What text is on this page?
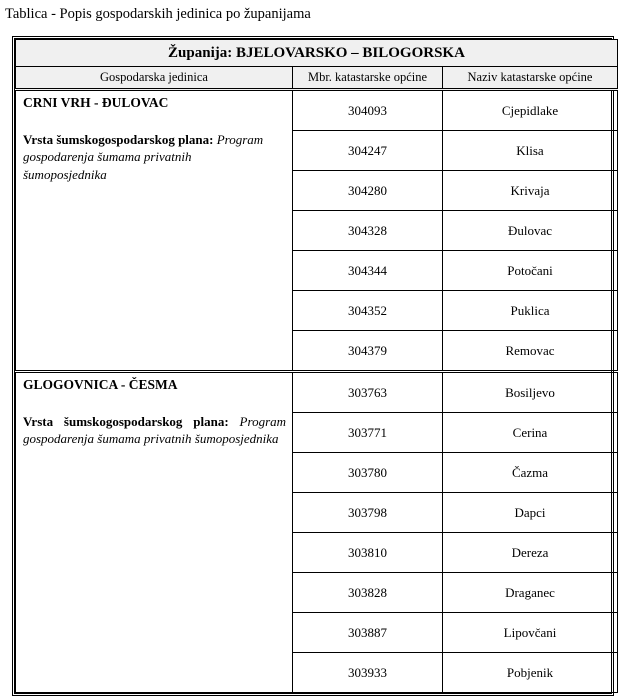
Tablica - Popis gospodarskih jedinica po županijama
Županija: BJELOVARSKO – BILOGORSKA		
Gospodarska jedinica	Mbr. katastarske općine	Naziv katastarske općine

CRNI VRH - ĐULOVAC
Vrsta šumskogospodarskog plana: Program gospodarenja šumama privatnih šumoposjednika	304093	Cjepidlake
	304247	Klisa
	304280	Krivaja
	304328	Đulovac
	304344	Potočani
	304352	Puklica
	304379	Removac

GLOGOVNICA - ČESMA
Vrsta šumskogospodarskog plana: Program gospodarenja šumama privatnih šumoposjednika	303763	Bosiljevo
	303771	Cerina
	303780	Čazma
	303798	Dapci
	303810	Dereza
	303828	Draganec
	303887	Lipovčani
	303933	Pobjenik
